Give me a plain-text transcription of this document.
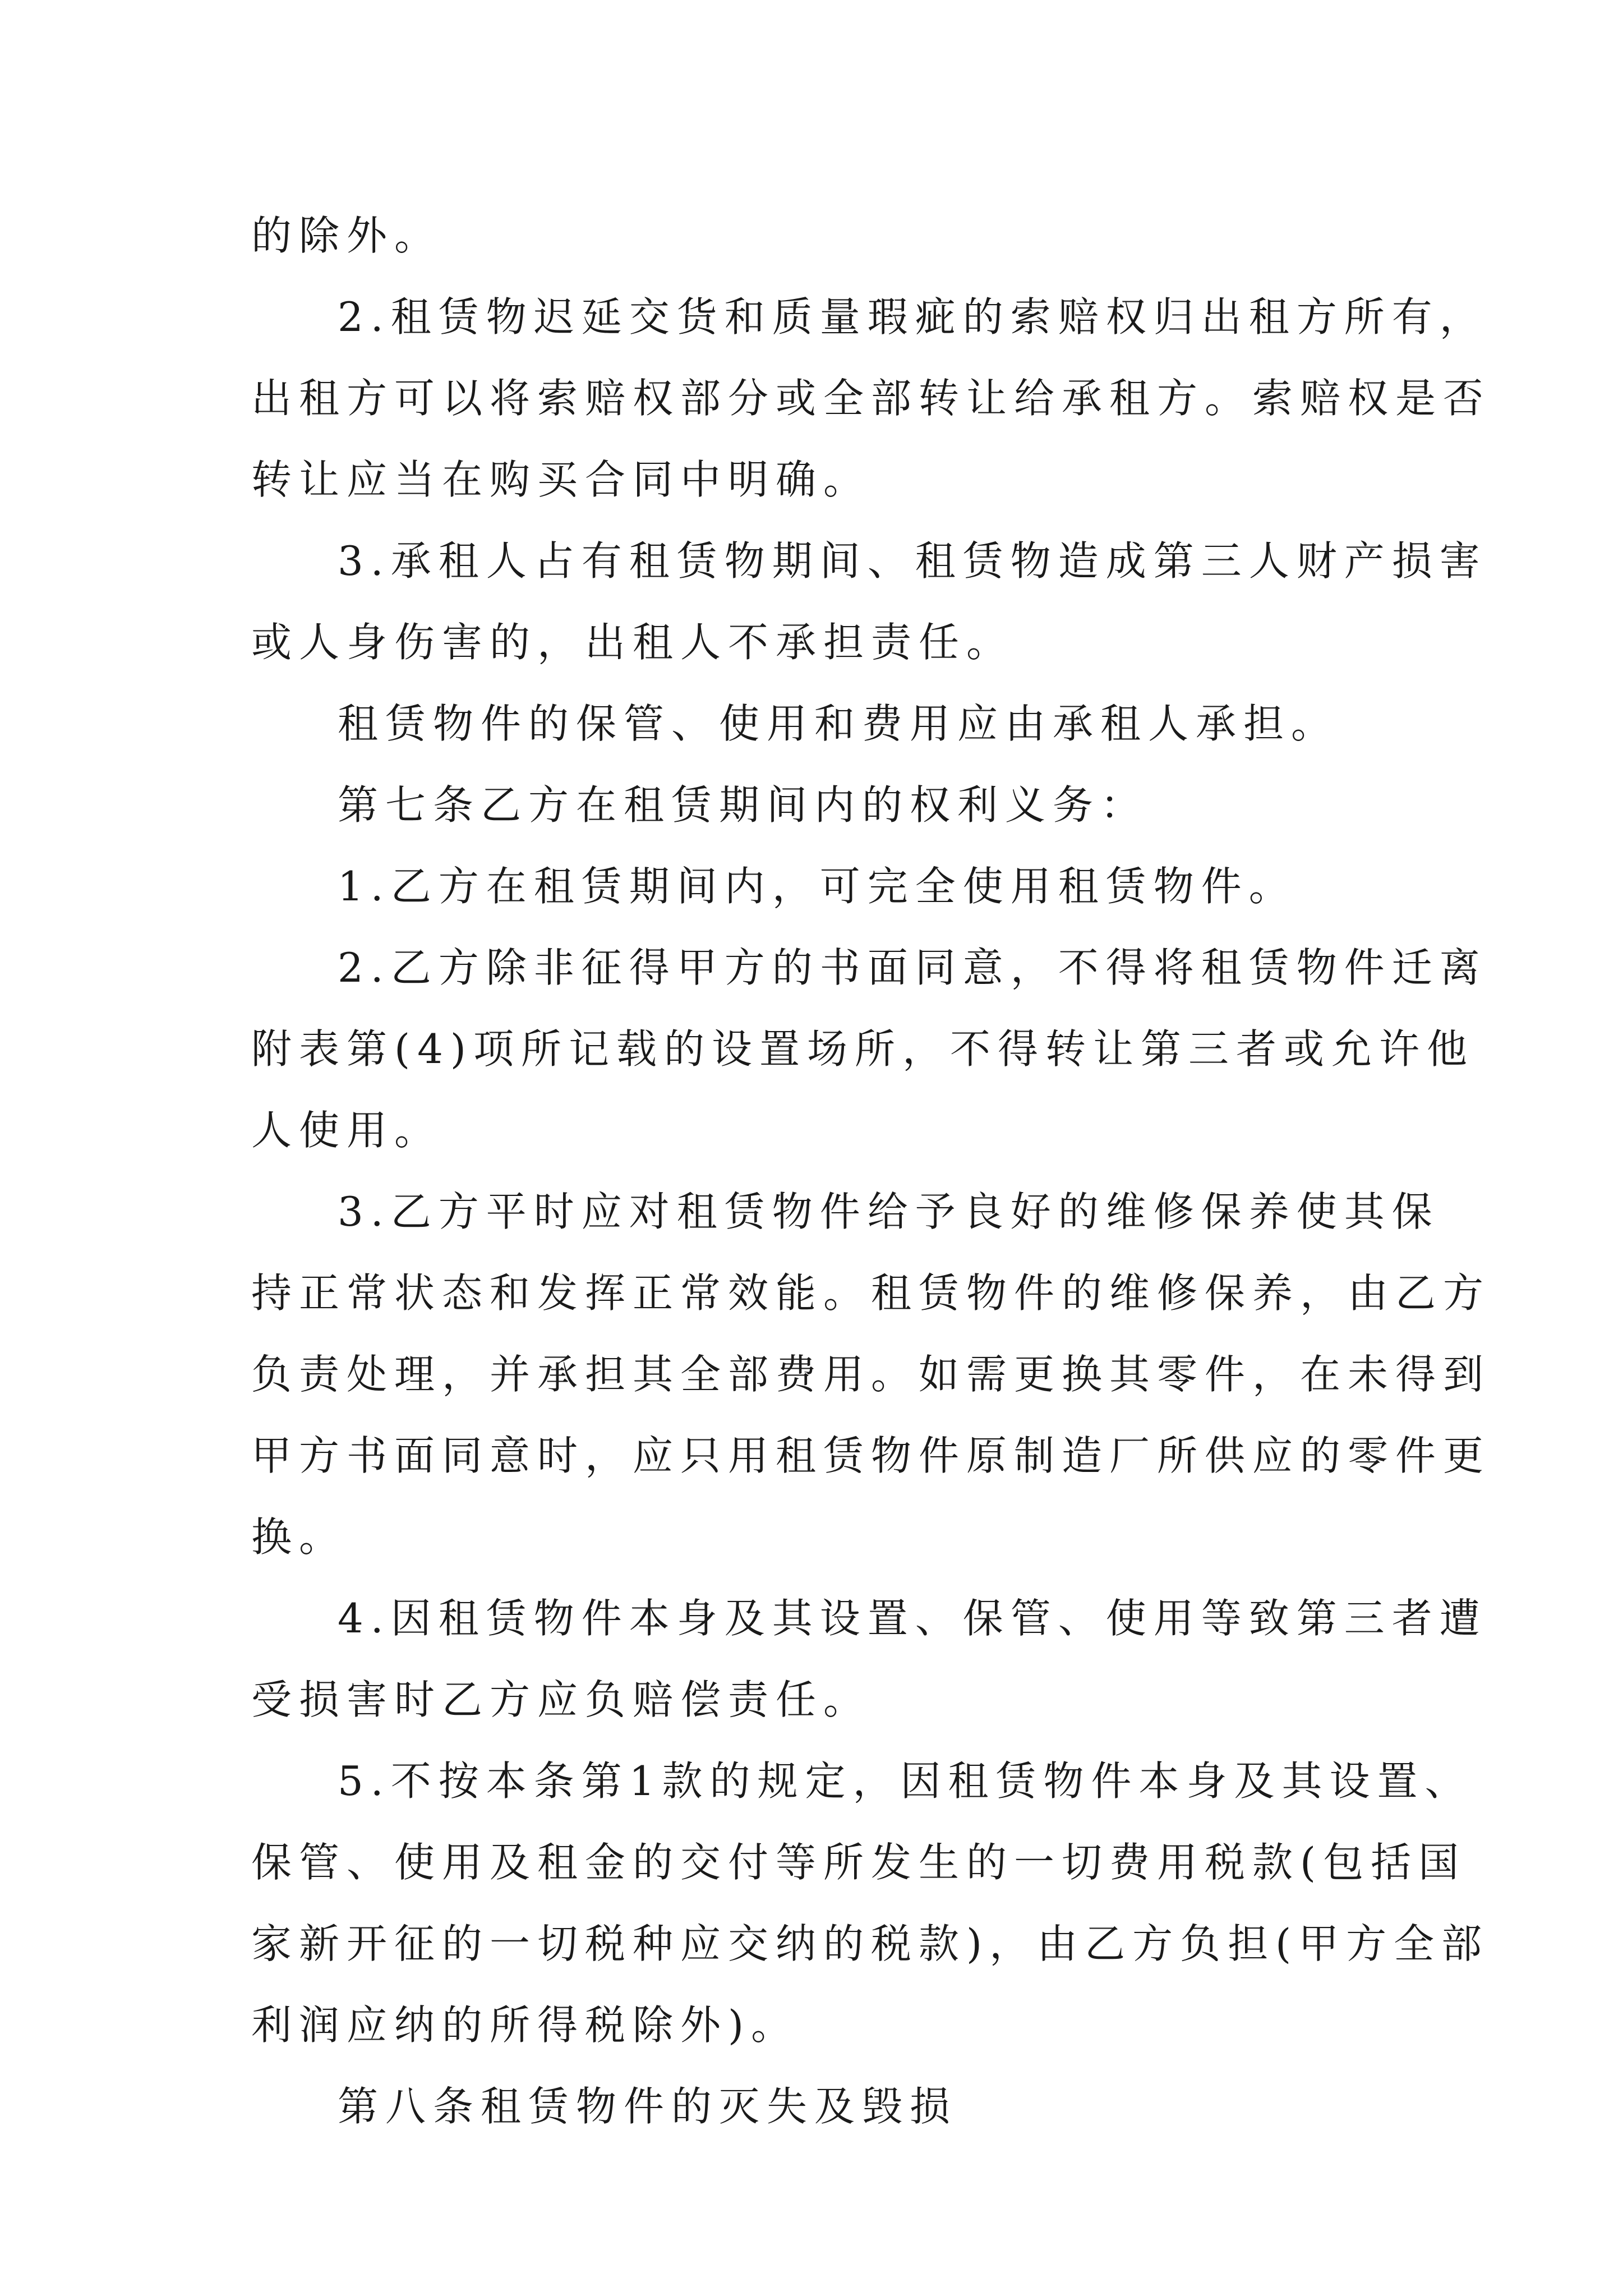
的除外。
2.租赁物迟延交货和质量瑕疵的索赔权归出租方所有，
出租方可以将索赔权部分或全部转让给承租方。索赔权是否
转让应当在购买合同中明确。
3.承租人占有租赁物期间、租赁物造成第三人财产损害
或人身伤害的，出租人不承担责任。
租赁物件的保管、使用和费用应由承租人承担。
第七条乙方在租赁期间内的权利义务：
1.乙方在租赁期间内，可完全使用租赁物件。
2.乙方除非征得甲方的书面同意，不得将租赁物件迁离
附表第(4)项所记载的设置场所，不得转让第三者或允许他
人使用。
3.乙方平时应对租赁物件给予良好的维修保养使其保
持正常状态和发挥正常效能。租赁物件的维修保养，由乙方
负责处理，并承担其全部费用。如需更换其零件，在未得到
甲方书面同意时，应只用租赁物件原制造厂所供应的零件更
换。
4.因租赁物件本身及其设置、保管、使用等致第三者遭
受损害时乙方应负赔偿责任。
5.不按本条第1款的规定，因租赁物件本身及其设置、
保管、使用及租金的交付等所发生的一切费用税款(包括国
家新开征的一切税种应交纳的税款)，由乙方负担(甲方全部
利润应纳的所得税除外)。
第八条租赁物件的灭失及毁损
